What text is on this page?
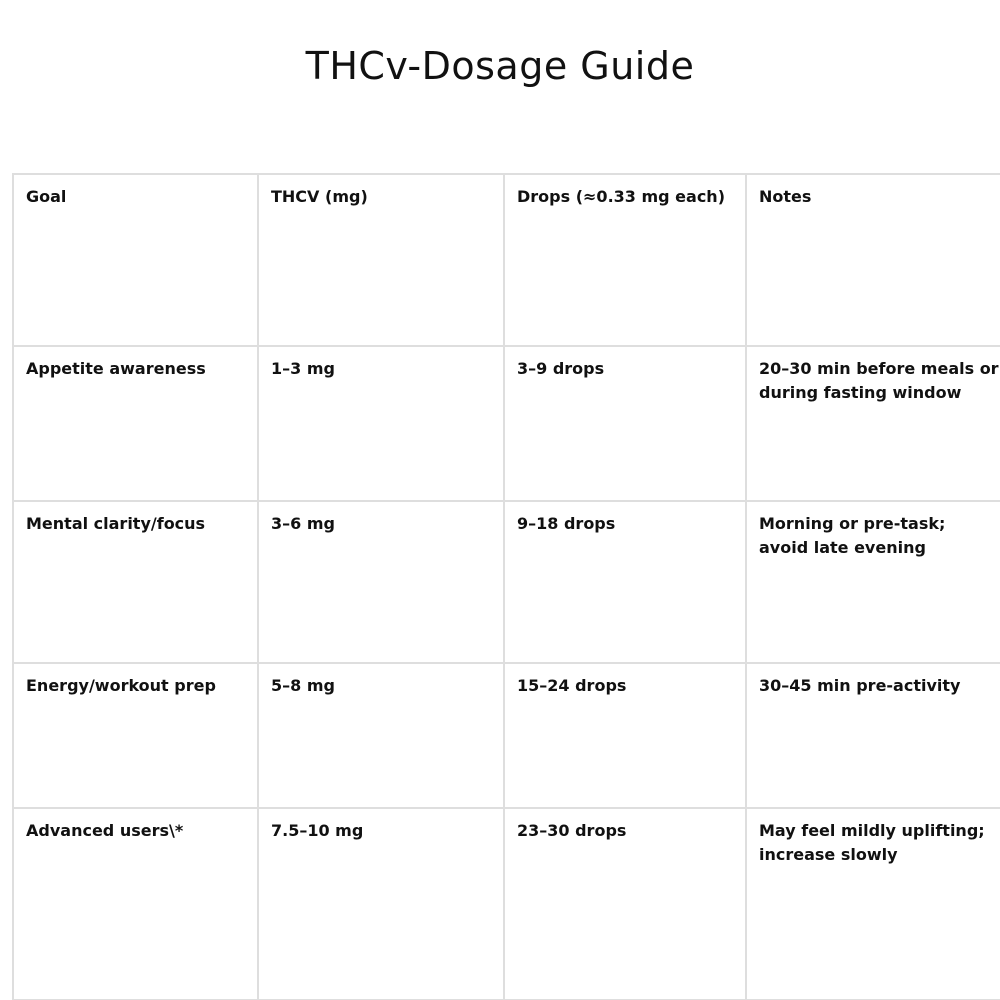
THCv-Dosage Guide
Goal	THCV (mg)	Drops (≈0.33 mg each)	Notes
Appetite awareness	1–3 mg	3–9 drops	20–30 min before meals or during fasting window
Mental clarity/focus	3–6 mg	9–18 drops	Morning or pre-task; avoid late evening
Energy/workout prep	5–8 mg	15–24 drops	30–45 min pre-activity
Advanced users\*	7.5–10 mg	23–30 drops	May feel mildly uplifting; increase slowly
